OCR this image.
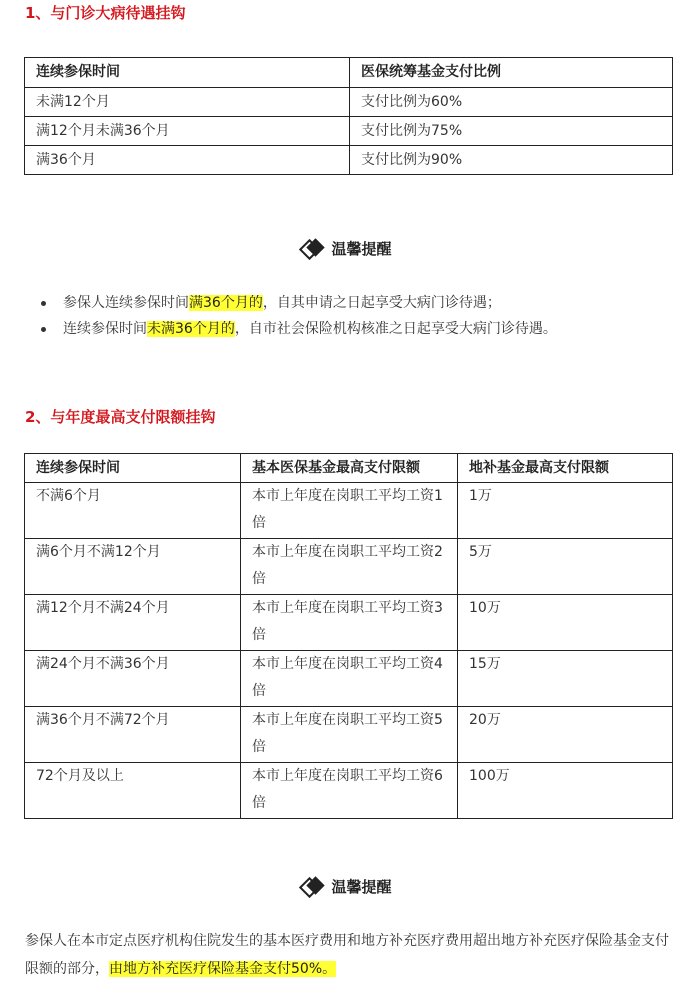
1、与门诊大病待遇挂钩
连续参保时间	医保统筹基金支付比例
未满12个月	支付比例为60%
满12个月未满36个月	支付比例为75%
满36个月	支付比例为90%
温馨提醒
参保人连续参保时间满36个月的，自其申请之日起享受大病门诊待遇；
连续参保时间未满36个月的，自市社会保险机构核准之日起享受大病门诊待遇。
2、与年度最高支付限额挂钩
连续参保时间	基本医保基金最高支付限额	地补基金最高支付限额
不满6个月	本市上年度在岗职工平均工资1倍	1万
满6个月不满12个月	本市上年度在岗职工平均工资2倍	5万
满12个月不满24个月	本市上年度在岗职工平均工资3倍	10万
满24个月不满36个月	本市上年度在岗职工平均工资4倍	15万
满36个月不满72个月	本市上年度在岗职工平均工资5倍	20万
72个月及以上	本市上年度在岗职工平均工资6倍	100万
温馨提醒
参保人在本市定点医疗机构住院发生的基本医疗费用和地方补充医疗费用超出地方补充医疗保险基金支付限额的部分，由地方补充医疗保险基金支付50%。
